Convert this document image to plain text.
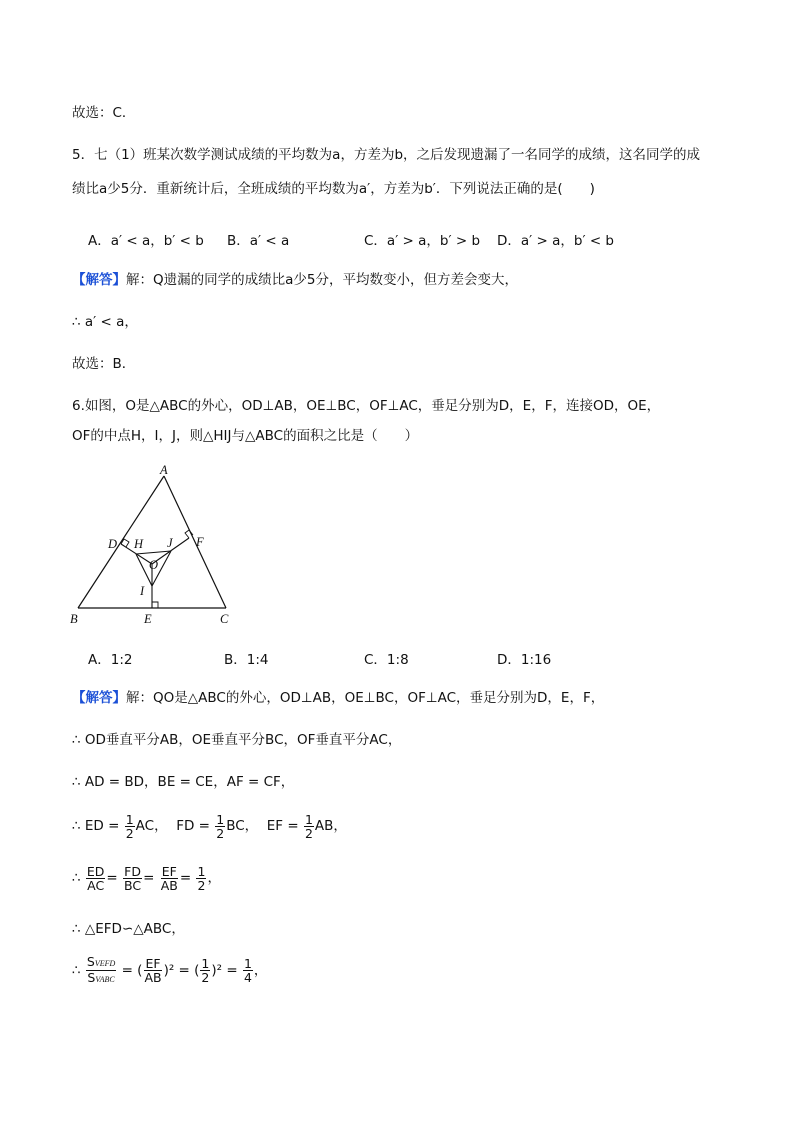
故选：C．
5．七（1）班某次数学测试成绩的平均数为a，方差为b，之后发现遗漏了一名同学的成绩，这名同学的成
绩比a少5分．重新统计后，全班成绩的平均数为a′，方差为b′．下列说法正确的是(　　)
A．a′ < a，b′ < b B．a′ < a	C．a′ > a，b′ > b D．a′ > a，b′ < b
【解答】解：Q遗漏的同学的成绩比a少5分，平均数变小，但方差会变大，
∴ a′ < a，
故选：B．
6.如图，O是△ABC的外心，OD⊥AB，OE⊥BC，OF⊥AC，垂足分别为D，E，F，连接OD，OE，
OF的中点H，I，J，则△HIJ与△ABC的面积之比是（　　）
A
B	C
D
E
F
H J
O
I
A．1:2	B．1:4	C．1:8	D．1:16
【解答】解：QO是△ABC的外心，OD⊥AB，OE⊥BC，OF⊥AC，垂足分别为D，E，F，
∴ OD垂直平分AB，OE垂直平分BC，OF垂直平分AC，
∴ AD = BD，BE = CE，AF = CF，
∴ ED = $\frac{1}{2}$ AC， FD = $\frac{1}{2}$ BC， EF = $\frac{1}{2}$ AB，
∴ $\frac{ED}{AC} = \frac{FD}{BC} = \frac{EF}{AB} = \frac{1}{2}$ ，
∴ △EFD∽△ABC，
∴ $\frac{\text{SVEFD}}{\text{SVABC}}$ = ( $\frac{EF}{AB} )^2$ = ( $\frac{1}{2} )^2 = \frac{1}{4}$ ，
